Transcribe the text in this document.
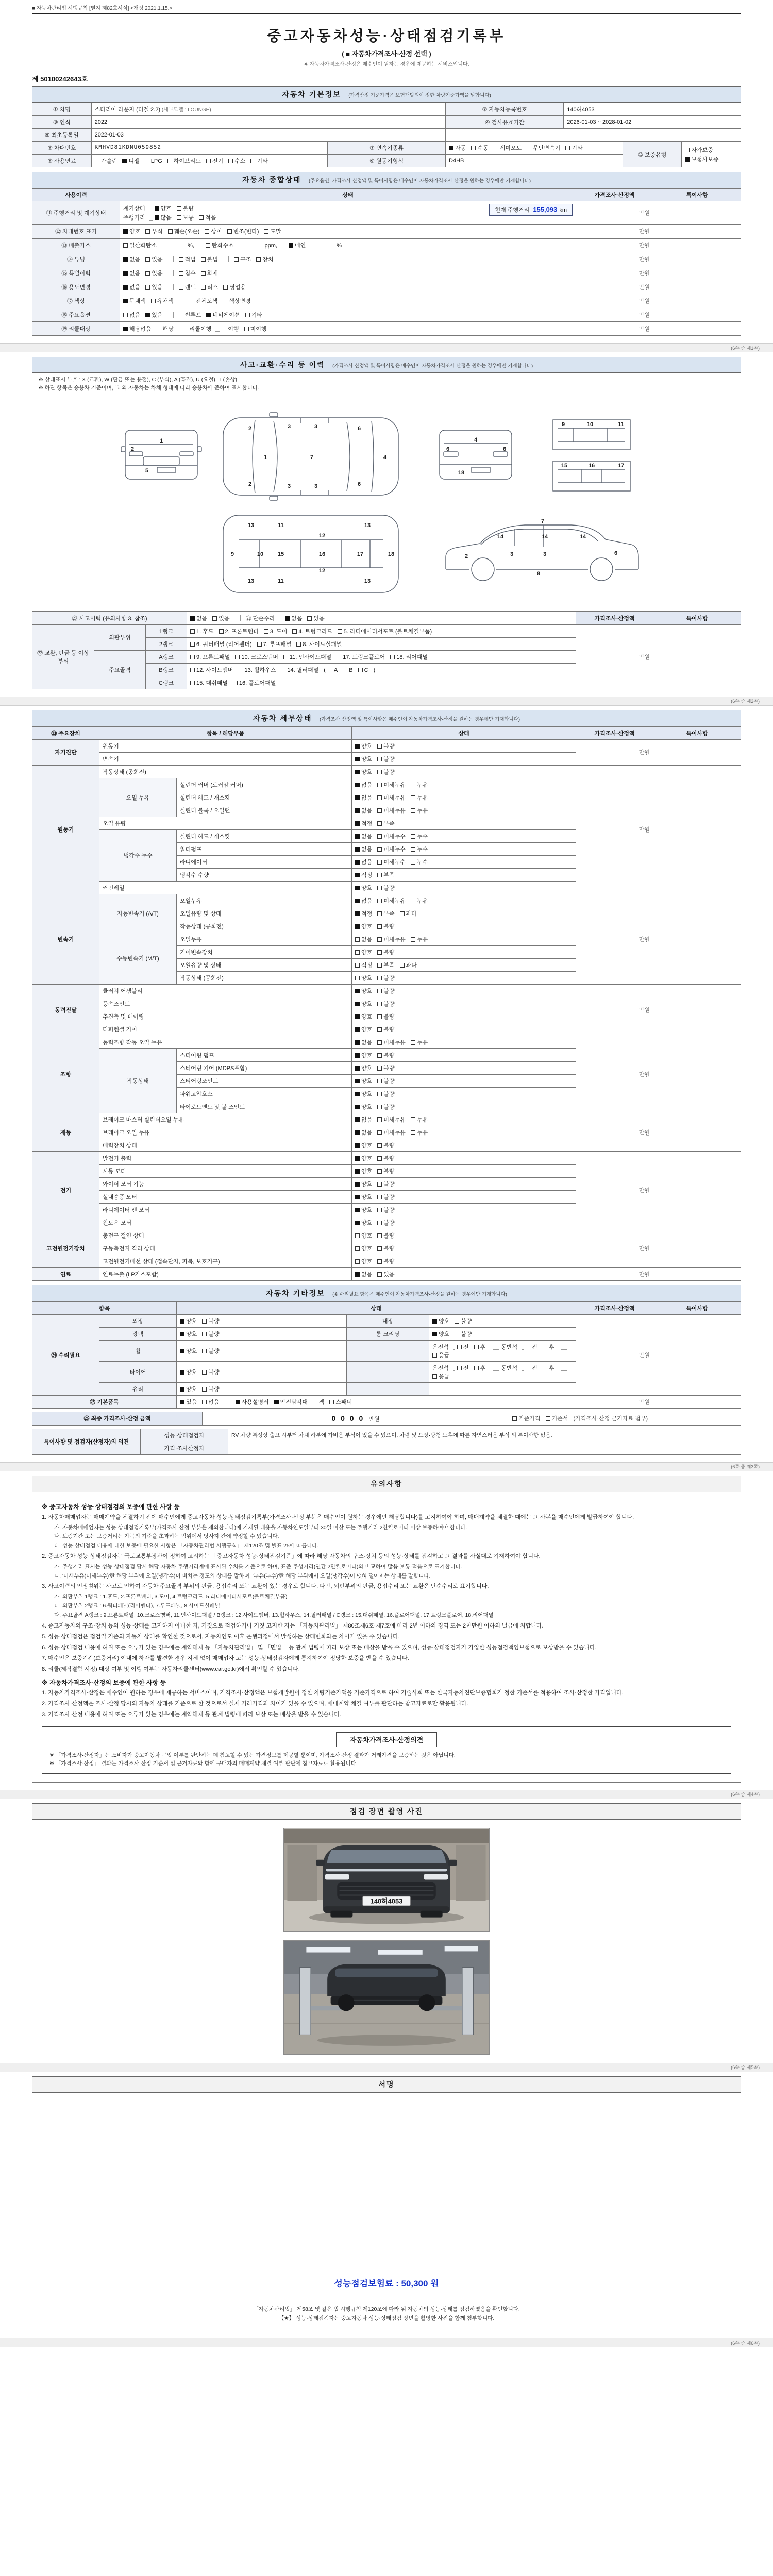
■ 자동차관리법 시행규칙 [별지 제82호서식] <개정 2021.1.15.>
중고자동차성능·상태점검기록부
( ■ 자동차가격조사·산정 선택 )
※ 자동차가격조사·산정은 매수인이 원하는 경우에 제공하는 서비스입니다.
제 50100242643호
자동차 기본정보 (가격산정 기준가격은 보험개발원이 정한 차량기준가액을 말합니다)
① 차명	스타리아 라운지 (디젤 2.2) (세부모델 : LOUNGE)		② 자동차등록번호	140허4053		
③ 연식	2022		④ 검사유효기간	2026-01-03 ~ 2028-01-02		
⑤ 최초등록일	2022-01-03					
⑥ 차대번호	KMHVD81KDNU059852	⑦ 변속기종류	자동 수동 세미오토 무단변속기 기타		⑩ 보증유형	자가보증
보험사보증

⑧ 사용연료	가솔린 디젤 LPG 하이브리드 전기 수소 기타	⑨ 원동기형식	D4HB			
자동차 종합상태 (주요옵션, 가격조사·산정액 및 특이사항은 매수인이 자동차가격조사·산정을 원하는 경우에만 기재합니다)
사용이력	상태	가격조사·산정액	특이사항
⑪ 주행거리 및 계기상태	현재 주행거리 155,093 km
계기상태 양호 불량
주행거리 많음 보통 적음	만원	
⑫ 차대번호 표기	양호 부식 훼손(오손) 상이 변조(변타) 도말	만원	
⑬ 배출가스	일산화탄소 %, 탄화수소 ppm, 매연 %	만원	
⑭ 튜닝	없음 있음 적법 불법 구조 장치	만원	
⑮ 특별이력	없음 있음 침수 화재	만원	
⑯ 용도변경	없음 있음 렌트 리스 영업용	만원	
⑰ 색상	무채색 유채색 전체도색 색상변경	만원	
⑱ 주요옵션	없음 있음 썬루프 네비게이션 기타	만원	
⑲ 리콜대상	해당없음 해당 리콜이행 이행 미이행	만원	
(6쪽 중 제1쪽)
사고·교환·수리 등 이력 (가격조사·산정액 및 특이사항은 매수인이 자동차가격조사·산정을 원하는 경우에만 기재합니다)
※ 상태표시 부호 : X (교환), W (판금 또는 용접), C (부식), A (흠집), U (요철), T (손상)
※ 하단 항목은 승용차 기준이며, 그 외 자동차는 차체 형태에 따라 승용차에 준하여 표시합니다.
1
2
5
2
2
1
3
3
3
3
7
6
6
4
4
6	6
18
9	10	11
15	16	17
9	10
11
11
12
12
13
13
13
13
15	16	17	18	2	3	3	6
7
8
14	14	14
⑳ 사고이력 (유의사항 3. 참조)			없음 있음 ㉑ 단순수리 없음 있음	가격조사·산정액	특이사항
㉒ 교환, 판금 등 이상 부위	외판부위	1랭크	1. 후드 2. 프론트펜더 3. 도어 4. 트렁크리드 5. 라디에이터서포트 (볼트체결부품)	만원	
		2랭크	6. 쿼터패널 (리어펜더) 7. 루프패널 8. 사이드실패널		
	주요골격	A랭크	9. 프론트패널 10. 크로스멤버 11. 인사이드패널 17. 트렁크플로어 18. 리어패널		
		B랭크	12. 사이드멤버 13. 휠하우스 14. 필러패널 ( A B C )		
		C랭크	15. 대쉬패널 16. 플로어패널		
(6쪽 중 제2쪽)
자동차 세부상태 (가격조사·산정액 및 특이사항은 매수인이 자동차가격조사·산정을 원하는 경우에만 기재합니다)
㉓ 주요장치	항목 / 해당부품		상태	가격조사·산정액	특이사항
자기진단	원동기		양호 불량	만원	
	변속기		양호 불량		
원동기	작동상태 (공회전)		양호 불량	만원	
	오일 누유	실린더 커버 (로커암 커버)	없음 미세누유 누유		
		실린더 헤드 / 개스킷	없음 미세누유 누유		
		실린더 블록 / 오일팬	없음 미세누유 누유		
	오일 유량		적정 부족		
	냉각수 누수	실린더 헤드 / 개스킷	없음 미세누수 누수		
		워터펌프	없음 미세누수 누수		
		라디에이터	없음 미세누수 누수		
		냉각수 수량	적정 부족		
	커먼레일		양호 불량		
변속기	자동변속기 (A/T)	오일누유	없음 미세누유 누유	만원	
		오일유량 및 상태	적정 부족 과다		
		작동상태 (공회전)	양호 불량		
	수동변속기 (M/T)	오일누유	없음 미세누유 누유		
		기어변속장치	양호 불량		
		오일유량 및 상태	적정 부족 과다		
		작동상태 (공회전)	양호 불량		
동력전달	클러치 어셈블리		양호 불량	만원	
	등속조인트		양호 불량		
	추진축 및 베어링		양호 불량		
	디퍼렌셜 기어		양호 불량		
조향	동력조향 작동 오일 누유		없음 미세누유 누유	만원	
	작동상태	스티어링 펌프	양호 불량		
		스티어링 기어 (MDPS포함)	양호 불량		
		스티어링조인트	양호 불량		
		파워고압호스	양호 불량		
		타이로드엔드 및 볼 조인트	양호 불량		
제동	브레이크 마스터 실린더오일 누유		없음 미세누유 누유	만원	
	브레이크 오일 누유		없음 미세누유 누유		
	배력장치 상태		양호 불량		
전기	발전기 출력		양호 불량	만원	
	시동 모터		양호 불량		
	와이퍼 모터 기능		양호 불량		
	실내송풍 모터		양호 불량		
	라디에이터 팬 모터		양호 불량		
	윈도우 모터		양호 불량		
고전원전기장치	충전구 절연 상태		양호 불량	만원	
	구동축전지 격리 상태		양호 불량		
	고전원전기배선 상태 (접속단자, 피복, 보호기구)		양호 불량		
연료	연료누출 (LP가스포함)		없음 있음	만원	
자동차 기타정보 (※ 수리필요 항목은 매수인이 자동차가격조사·산정을 원하는 경우에만 기재합니다)
항목		상태			가격조사·산정액	특이사항
㉔ 수리필요	외장	양호 불량	내장	양호 불량	만원	
	광택	양호 불량	룸 크리닝	양호 불량		
	휠	양호 불량		운전석 전 후 동반석 전 후응급		
	타이어	양호 불량		운전석 전 후 동반석 전 후응급		
	유리	양호 불량				
㉕ 기본품목		있음 없음 사용설명서 안전삼각대 잭 스패너			만원	
㉖ 최종 가격조사·산정 금액	0 0 0 0 만원	기준가격 기준서 (가격조사·산정 근거자료 첨부)
특이사항 및 점검자(산정자)의 의견	성능·상태점검자	RV 차량 특성상 출고 시부터 차체 하부에 가벼운 부식이 있을 수 있으며, 차령 및 도장·방청 노후에 따른 자연스러운 부식 외 특이사항 없음.
	가격·조사산정자	
(6쪽 중 제3쪽)
유의사항
※ 중고자동차 성능·상태점검의 보증에 관한 사항 등
1. 자동차매매업자는 매매계약을 체결하기 전에 매수인에게 중고자동차 성능·상태점검기록부(가격조사·산정 부분은 매수인이 원하는 경우에만 해당합니다)를 고지하여야 하며, 매매계약을 체결한 때에는 그 사본을 매수인에게 발급하여야 합니다.
가. 자동차매매업자는 성능·상태점검기록부(가격조사·산정 부분은 제외합니다)에 기재된 내용을 자동차인도일부터 30일 이상 또는 주행거리 2천킬로미터 이상 보증하여야 합니다.
나. 보증기간 또는 보증거리는 가목의 기준을 초과하는 범위에서 당사자 간에 약정할 수 있습니다.
다. 성능·상태점검 내용에 대한 보증에 필요한 사항은 「자동차관리법 시행규칙」 제120조 및 별표 25에 따릅니다.
2. 중고자동차 성능·상태점검자는 국토교통부장관이 정하여 고시하는 「중고자동차 성능·상태점검기준」에 따라 해당 자동차의 구조·장치 등의 성능·상태를 점검하고 그 결과를 사실대로 기재하여야 합니다.
가. 주행거리 표시는 성능·상태점검 당시 해당 자동차 주행거리계에 표시된 수치를 기준으로 하며, 표준 주행거리(연간 2만킬로미터)와 비교하여 많음·보통·적음으로 표기합니다.
나. '미세누유(미세누수)'란 해당 부위에 오일(냉각수)이 비치는 정도의 상태를 말하며, '누유(누수)'란 해당 부위에서 오일(냉각수)이 맺혀 떨어지는 상태를 말합니다.
3. 사고이력의 인정범위는 사고로 인하여 자동차 주요골격 부위의 판금, 용접수리 또는 교환이 있는 경우로 합니다. 다만, 외판부위의 판금, 용접수리 또는 교환은 단순수리로 표기합니다.
가. 외판부위 1랭크 : 1.후드, 2.프론트펜더, 3.도어, 4.트렁크리드, 5.라디에이터서포트(볼트체결부품)
나. 외판부위 2랭크 : 6.쿼터패널(리어펜더), 7.루프패널, 8.사이드실패널
다. 주요골격 A랭크 : 9.프론트패널, 10.크로스멤버, 11.인사이드패널 / B랭크 : 12.사이드멤버, 13.휠하우스, 14.필러패널 / C랭크 : 15.대쉬패널, 16.플로어패널, 17.트렁크플로어, 18.리어패널
4. 중고자동차의 구조·장치 등의 성능·상태를 고지하지 아니한 자, 거짓으로 점검하거나 거짓 고지한 자는 「자동차관리법」 제80조제6호·제7호에 따라 2년 이하의 징역 또는 2천만원 이하의 벌금에 처합니다.
5. 성능·상태점검은 점검일 기준의 자동차 상태를 확인한 것으로서, 자동차인도 이후 운행과정에서 발생하는 상태변화와는 차이가 있을 수 있습니다.
6. 성능·상태점검 내용에 허위 또는 오류가 있는 경우에는 계약해제 등 「자동차관리법」 및 「민법」 등 관계 법령에 따라 보상 또는 배상을 받을 수 있으며, 성능·상태점검자가 가입한 성능점검책임보험으로 보상받을 수 있습니다.
7. 매수인은 보증기간(보증거리) 이내에 하자를 발견한 경우 지체 없이 매매업자 또는 성능·상태점검자에게 통지하여야 정당한 보증을 받을 수 있습니다.
8. 리콜(제작결함 시정) 대상 여부 및 이행 여부는 자동차리콜센터(www.car.go.kr)에서 확인할 수 있습니다.
※ 자동차가격조사·산정의 보증에 관한 사항 등
1. 자동차가격조사·산정은 매수인이 원하는 경우에 제공하는 서비스이며, 가격조사·산정액은 보험개발원이 정한 차량기준가액을 기준가격으로 하여 기술사회 또는 한국자동차진단보증협회가 정한 기준서를 적용하여 조사·산정한 가격입니다.
2. 가격조사·산정액은 조사·산정 당시의 자동차 상태를 기준으로 한 것으로서 실제 거래가격과 차이가 있을 수 있으며, 매매계약 체결 여부를 판단하는 참고자료로만 활용됩니다.
3. 가격조사·산정 내용에 허위 또는 오류가 있는 경우에는 계약해제 등 관계 법령에 따라 보상 또는 배상을 받을 수 있습니다.
자동차가격조사·산정의견
※ 「가격조사·산정자」는 소비자가 중고자동차 구입 여부를 판단하는 데 참고할 수 있는 가격정보를 제공할 뿐이며, 가격조사·산정 결과가 거래가격을 보증하는 것은 아닙니다.
※ 「가격조사·산정」 결과는 가격조사·산정 기준서 및 근거자료와 함께 구매자의 매매계약 체결 여부 판단에 참고자료로 활용됩니다.
(6쪽 중 제4쪽)
점검 장면 촬영 사진
140허4053
(6쪽 중 제5쪽)
서명
성능점검보험료 : 50,300 원
「자동차관리법」 제58조 및 같은 법 시행규칙 제120조에 따라 위 자동차의 성능·상태를 점검하였음을 확인합니다.
【★】 성능·상태점검자는 중고자동차 성능·상태점검 장면을 촬영한 사진을 함께 첨부합니다.
(6쪽 중 제6쪽)
